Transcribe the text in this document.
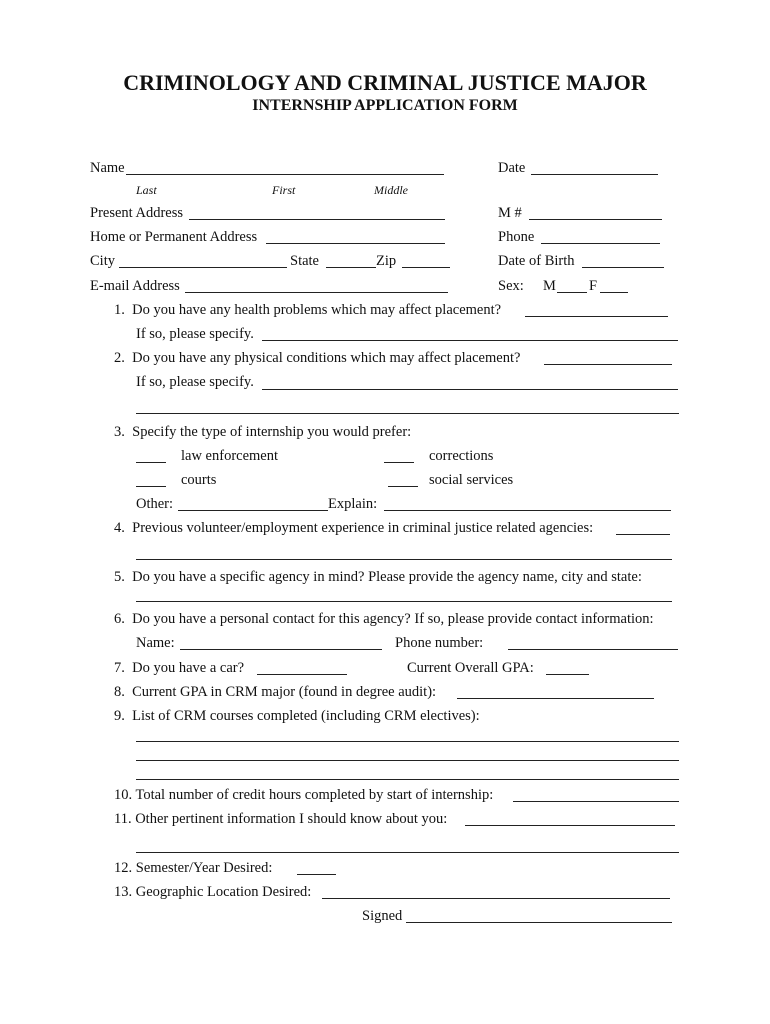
CRIMINOLOGY AND CRIMINAL JUSTICE MAJOR
INTERNSHIP APPLICATION FORM
Name	Date
Last	First	Middle
Present Address	M #
Home or Permanent Address	Phone
City	State	Zip	Date of Birth
E-mail Address	Sex: M F
1.  Do you have any health problems which may affect placement?
If so, please specify.
2.  Do you have any physical conditions which may affect placement?
If so, please specify.
3.  Specify the type of internship you would prefer:
law enforcement	corrections
courts	social services
Other:	Explain:
4.  Previous volunteer/employment experience in criminal justice related agencies:
5.  Do you have a specific agency in mind? Please provide the agency name, city and state:
6.  Do you have a personal contact for this agency? If so, please provide contact information:
Name:	Phone number:
7.  Do you have a car?	Current Overall GPA:
8.  Current GPA in CRM major (found in degree audit):
9.  List of CRM courses completed (including CRM electives):
10. Total number of credit hours completed by start of internship:
11. Other pertinent information I should know about you:
12. Semester/Year Desired:
13. Geographic Location Desired:
Signed
